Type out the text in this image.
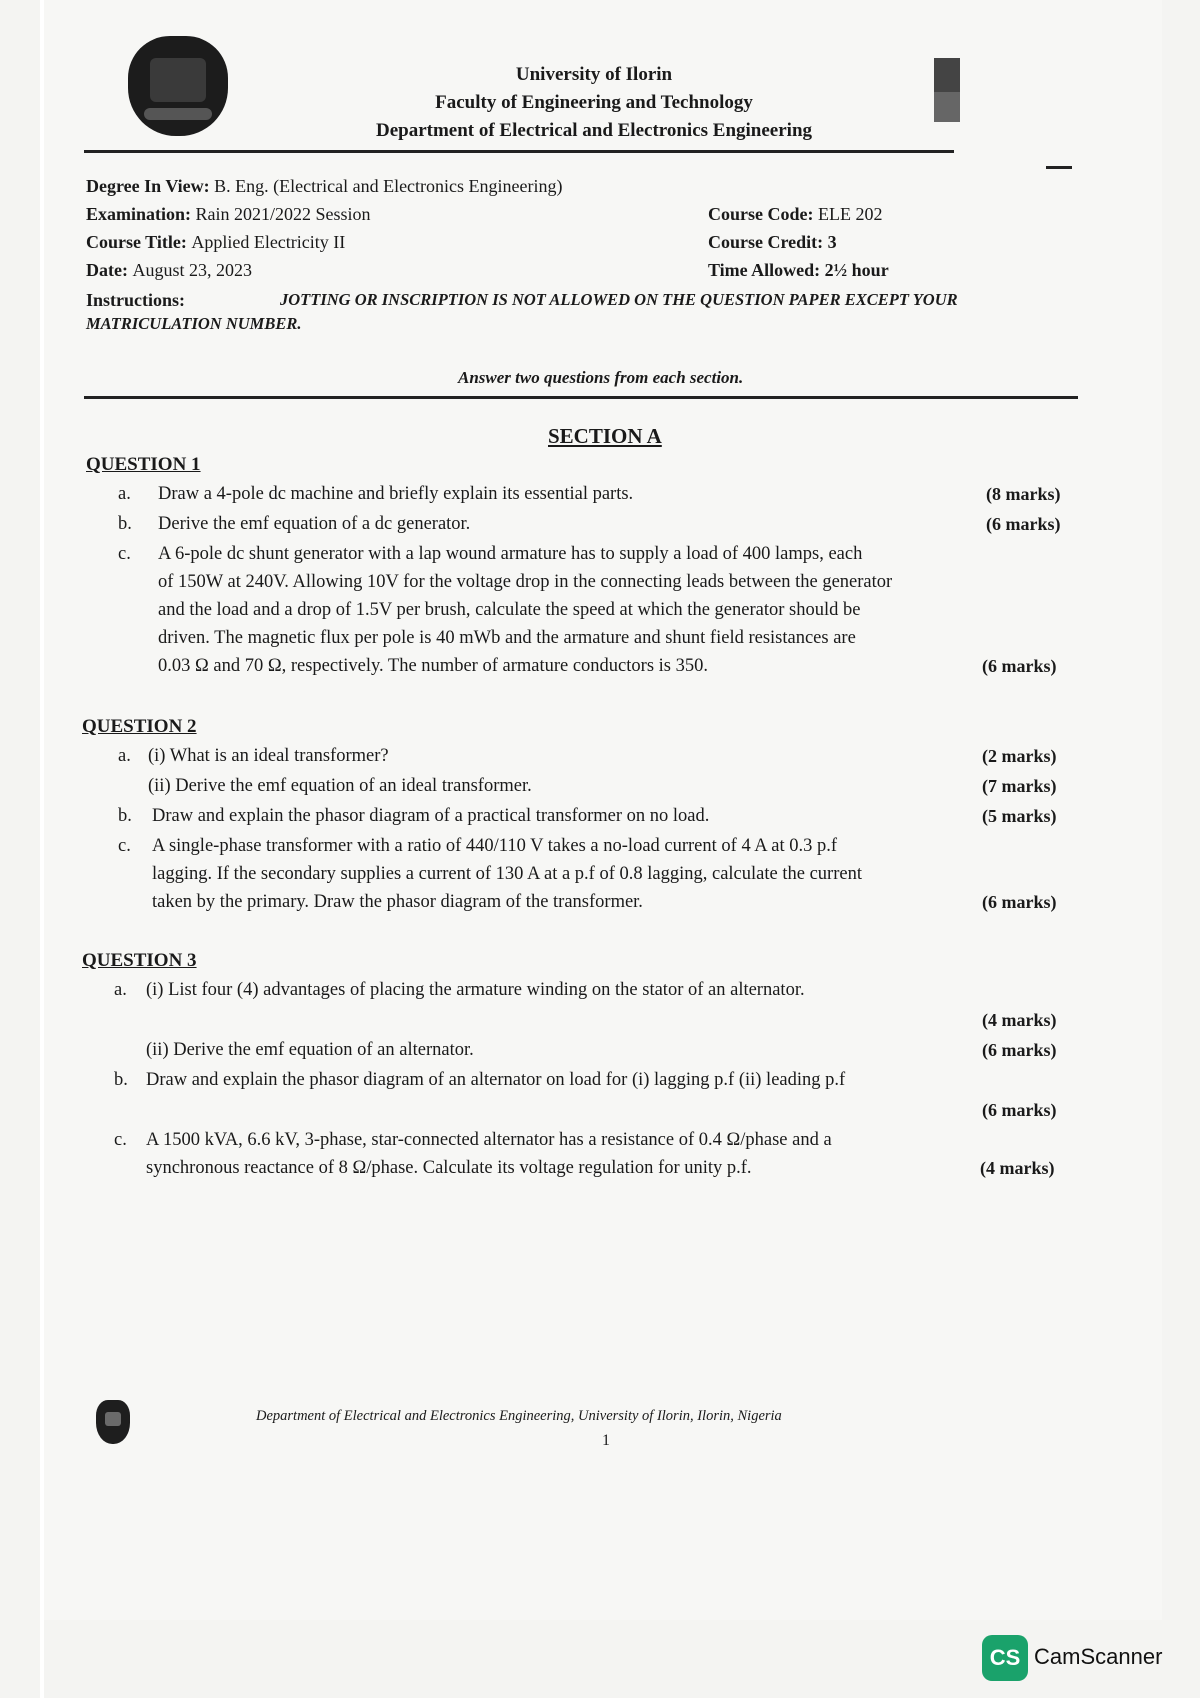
University of Ilorin
Faculty of Engineering and Technology
Department of Electrical and Electronics Engineering
Degree In View: B. Eng. (Electrical and Electronics Engineering)
Examination: Rain 2021/2022 Session
Course Title: Applied Electricity II
Date: August 23, 2023
Course Code: ELE 202
Course Credit: 3
Time Allowed: 2½ hour
Instructions:	JOTTING OR INSCRIPTION IS NOT ALLOWED ON THE QUESTION PAPER EXCEPT YOUR
MATRICULATION NUMBER.
Answer two questions from each section.
SECTION A
QUESTION 1
a. Draw a 4-pole dc machine and briefly explain its essential parts.	(8 marks)
b. Derive the emf equation of a dc generator.	(6 marks)
c. A 6-pole dc shunt generator with a lap wound armature has to supply a load of 400 lamps, each
of 150W at 240V. Allowing 10V for the voltage drop in the connecting leads between the generator
and the load and a drop of 1.5V per brush, calculate the speed at which the generator should be
driven. The magnetic flux per pole is 40 mWb and the armature and shunt field resistances are
0.03 Ω and 70 Ω, respectively. The number of armature conductors is 350.	(6 marks)
QUESTION 2
a. (i) What is an ideal transformer?	(2 marks)
(ii) Derive the emf equation of an ideal transformer.	(7 marks)
b. Draw and explain the phasor diagram of a practical transformer on no load.	(5 marks)
c. A single-phase transformer with a ratio of 440/110 V takes a no-load current of 4 A at 0.3 p.f
lagging. If the secondary supplies a current of 130 A at a p.f of 0.8 lagging, calculate the current
taken by the primary. Draw the phasor diagram of the transformer.	(6 marks)
QUESTION 3
a. (i) List four (4) advantages of placing the armature winding on the stator of an alternator.
(4 marks)
(ii) Derive the emf equation of an alternator.	(6 marks)
b. Draw and explain the phasor diagram of an alternator on load for (i) lagging p.f (ii) leading p.f
(6 marks)
c. A 1500 kVA, 6.6 kV, 3-phase, star-connected alternator has a resistance of 0.4 Ω/phase and a
synchronous reactance of 8 Ω/phase. Calculate its voltage regulation for unity p.f.	(4 marks)
Department of Electrical and Electronics Engineering, University of Ilorin, Ilorin, Nigeria
1
CS CamScanner
